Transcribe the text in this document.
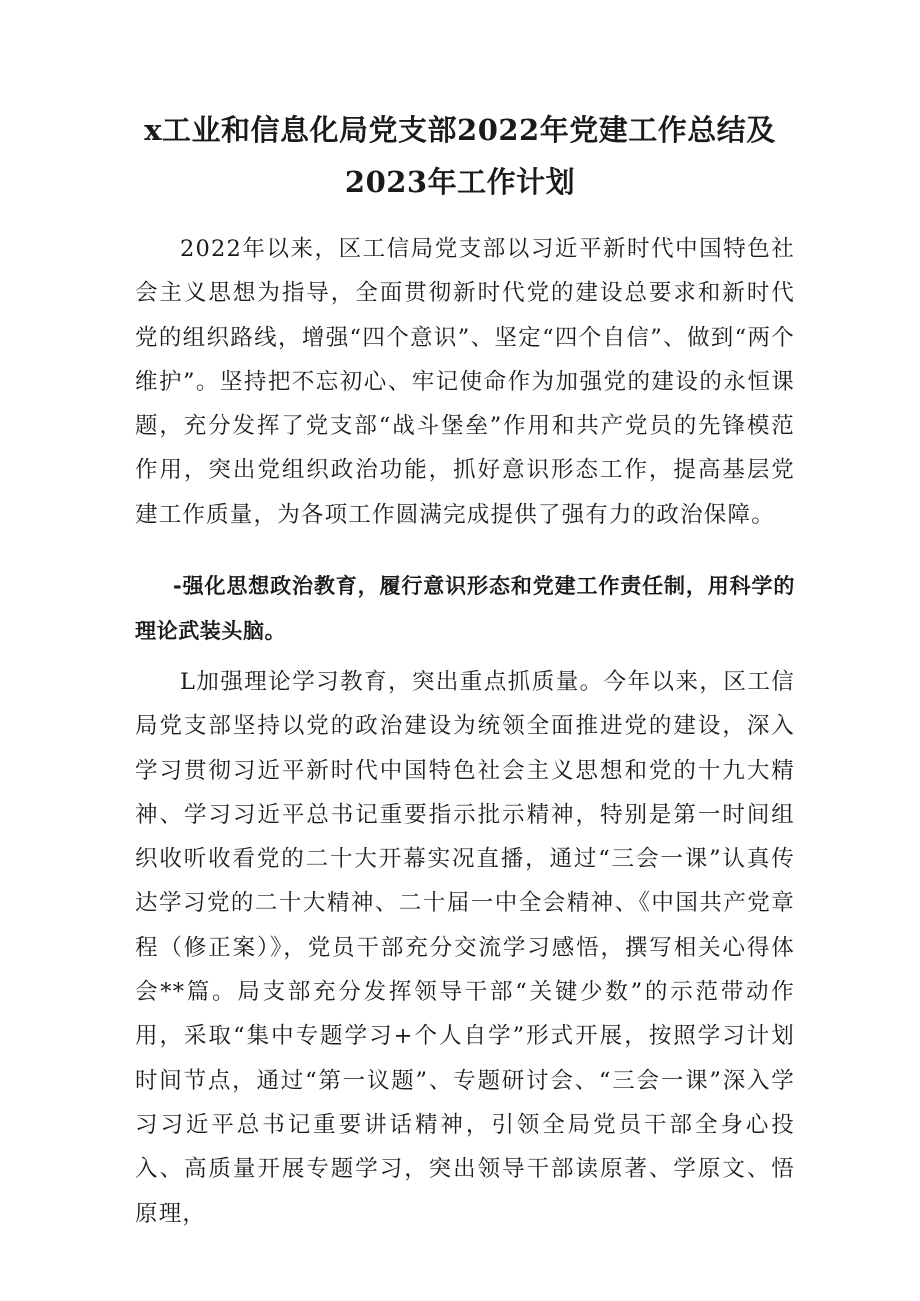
x工业和信息化局党支部2022年党建工作总结及
2023年工作计划

2022年以来，区工信局党支部以习近平新时代中国特色社会主义思想为指导，全面贯彻新时代党的建设总要求和新时代党的组织路线，增强“四个意识”、坚定“四个自信”、做到“两个维护”。坚持把不忘初心、牢记使命作为加强党的建设的永恒课题，充分发挥了党支部“战斗堡垒”作用和共产党员的先锋模范作用，突出党组织政治功能，抓好意识形态工作，提高基层党建工作质量，为各项工作圆满完成提供了强有力的政治保障。

-强化思想政治教育，履行意识形态和党建工作责任制，用科学的理论武装头脑。

L加强理论学习教育，突出重点抓质量。今年以来，区工信局党支部坚持以党的政治建设为统领全面推进党的建设，深入学习贯彻习近平新时代中国特色社会主义思想和党的十九大精神、学习习近平总书记重要指示批示精神，特别是第一时间组织收听收看党的二十大开幕实况直播，通过“三会一课”认真传达学习党的二十大精神、二十届一中全会精神、《中国共产党章程（修正案）》，党员干部充分交流学习感悟，撰写相关心得体会**篇。局支部充分发挥领导干部“关键少数”的示范带动作用，采取“集中专题学习+个人自学”形式开展，按照学习计划时间节点，通过“第一议题”、专题研讨会、“三会一课”深入学习习近平总书记重要讲话精神，引领全局党员干部全身心投入、高质量开展专题学习，突出领导干部读原著、学原文、悟原理，
